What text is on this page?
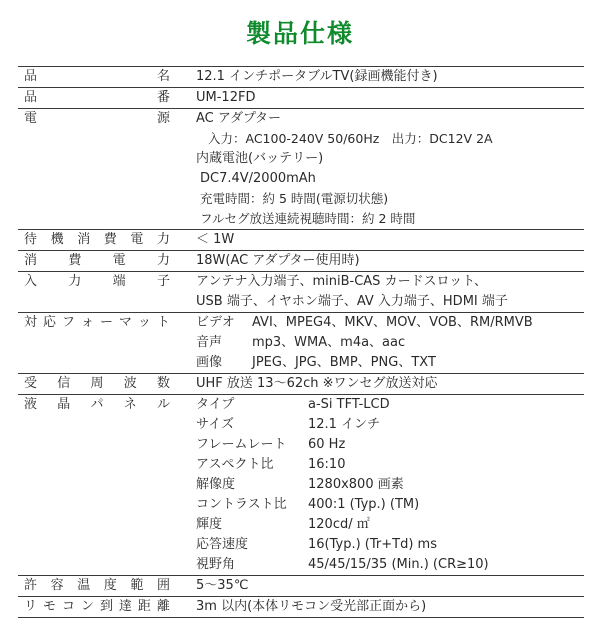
製品仕様
品	名 12.1 インチポータブルTV(録画機能付き)
品	番 UM-12FD
電	源 AC アダプター
入力：AC100-240V 50/60Hz　出力：DC12V 2A
内蔵電池(バッテリー)
DC7.4V/2000mAh
充電時間：約 5 時間(電源切状態)
フルセグ放送連続視聴時間：約 2 時間
待 機 消 費 電 力 ＜ 1W
消 費 電 力 18W(AC アダプター使用時)
入 力 端 子 アンテナ入力端子、miniB-CAS カードスロット、
USB 端子、イヤホン端子、AV 入力端子、HDMI 端子
対 応 フ ォ ー マ ッ ト ビデオ	AVI、MPEG4、MKV、MOV、VOB、RM/RMVB
音声	mp3、WMA、m4a、aac
画像	JPEG、JPG、BMP、PNG、TXT
受 信 周 波 数 UHF 放送 13～62ch ※ワンセグ放送対応
液 晶 パ ネ ル タイプ	a-Si TFT-LCD
サイズ	12.1 インチ
フレームレート	60 Hz
アスペクト比	16:10
解像度	1280x800 画素
コントラスト比	400:1 (Typ.) (TM)
輝度	120cd/ ㎡
応答速度	16(Typ.) (Tr+Td) ms
視野角	45/45/15/35 (Min.) (CR≥10)
許 容 温 度 範 囲 5～35℃
リ モ コ ン 到 達 距 離 3m 以内(本体リモコン受光部正面から)
